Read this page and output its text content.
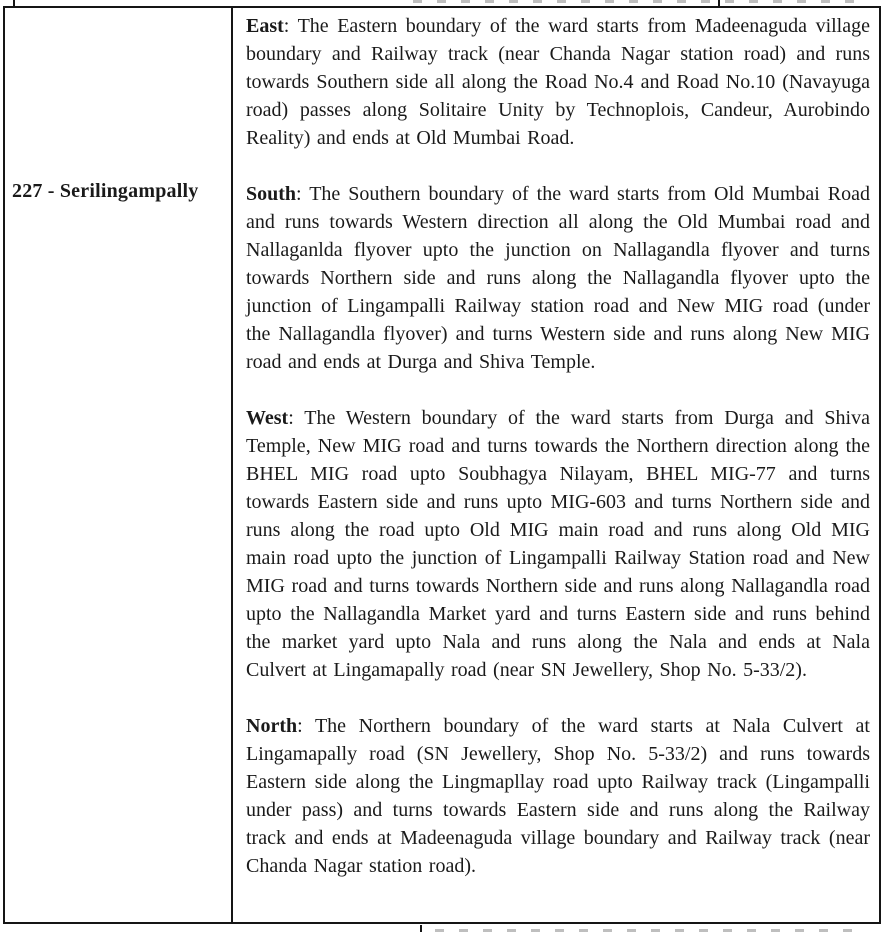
227 - Serilingampally

East: The Eastern boundary of the ward starts from Madeenaguda village boundary and Railway track (near Chanda Nagar station road) and runs towards Southern side all along the Road No.4 and Road No.10 (Navayuga road) passes along Solitaire Unity by Technoplois, Candeur, Aurobindo Reality) and ends at Old Mumbai Road.

South: The Southern boundary of the ward starts from Old Mumbai Road and runs towards Western direction all along the Old Mumbai road and Nallaganlda flyover upto the junction on Nallagandla flyover and turns towards Northern side and runs along the Nallagandla flyover upto the junction of Lingampalli Railway station road and New MIG road (under the Nallagandla flyover) and turns Western side and runs along New MIG road and ends at Durga and Shiva Temple.

West: The Western boundary of the ward starts from Durga and Shiva Temple, New MIG road and turns towards the Northern direction along the BHEL MIG road upto Soubhagya Nilayam, BHEL MIG-77 and turns towards Eastern side and runs upto MIG-603 and turns Northern side and runs along the road upto Old MIG main road and runs along Old MIG main road upto the junction of Lingampalli Railway Station road and New MIG road and turns towards Northern side and runs along Nallagandla road upto the Nallagandla Market yard and turns Eastern side and runs behind the market yard upto Nala and runs along the Nala and ends at Nala Culvert at Lingamapally road (near SN Jewellery, Shop No. 5-33/2).

North: The Northern boundary of the ward starts at Nala Culvert at Lingamapally road (SN Jewellery, Shop No. 5-33/2) and runs towards Eastern side along the Lingmapllay road upto Railway track (Lingampalli under pass) and turns towards Eastern side and runs along the Railway track and ends at Madeenaguda village boundary and Railway track (near Chanda Nagar station road).
